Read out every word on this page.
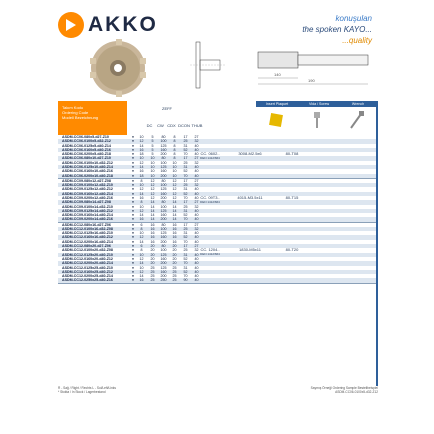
AKKO	konuşulan
the spoken KAYO...
...quality
140
190
Takım Kodu
Ordering Code
Modell Bezeichnung
ZEFF
DC	CW CDX DCON THUB
Insert Plaquet	Vida / Screw	Wrench
ASDM-CC06-080x5-d27-Z10	●	10	5	80	8	17	27
ASDM-CC06-0100x5-d32-Z12	●	12	5	100	8	25	32
ASDM-CC06-0125x5-d40-Z14	●	14	5	125	8	31	40
ASDM-CC06-0160x5-d40-Z16	●	16	5	160	8	52	40
ASDM-CC06-0200x5-d40-Z18	●	18	5	200	8	70	40
ASDM-CC06-080x10-d27-Z10	●	10	10	80	8	17	27
ASDM-CC06-0100x10-d32-Z12	●	12	10	100	10	25	32
ASDM-CC06-0125x10-d40-Z14	●	14	10	125	10	31	40
ASDM-CC06-0160x10-d40-Z16	●	16	10	160	10	52	40
ASDM-CC06-0200x10-d40-Z18	●	18	10	200	10	70	40
ASDM-CC09-080x12-d27-Z08	●	8	12	80	12	17	27
ASDM-CC09-0100x12-d32-Z10	●	10	12	100	12	25	32
ASDM-CC09-0125x12-d40-Z12	●	12	12	125	12	31	40
ASDM-CC09-0160x12-d40-Z14	●	14	12	160	12	52	40
ASDM-CC09-0200x12-d40-Z16	●	16	12	200	12	70	40
ASDM-CC09-080x14-d27-Z08	●	8	14	80	14	17	27
ASDM-CC09-0100x14-d32-Z10	●	10	14	100	14	25	32
ASDM-CC09-0125x14-d40-Z12	●	12	14	125	14	31	40
ASDM-CC09-0160x14-d40-Z14	●	14	14	160	14	52	40
ASDM-CC09-0200x14-d40-Z16	●	16	14	200	14	70	40
ASDM-CC12-080x16-d27-Z06	●	6	16	80	16	17	27
ASDM-CC12-0100x16-d32-Z08	●	8	16	100	16	25	32
ASDM-CC12-0125x16-d40-Z10	●	10	16	125	16	31	40
ASDM-CC12-0160x16-d40-Z12	●	12	16	160	16	52	40
ASDM-CC12-0200x16-d40-Z14	●	14	16	200	16	70	40
ASDM-CC12-080x20-d27-Z06	●	6	20	80	20	17	27
ASDM-CC12-0100x20-d32-Z08	●	8	20	100	20	25	32
ASDM-CC12-0125x20-d40-Z10	●	10	20	125	20	31	40
ASDM-CC12-0160x20-d40-Z12	●	12	20	160	20	52	40
ASDM-CC12-0200x20-d40-Z14	●	14	20	200	20	70	40
ASDM-CC12-0125x25-d40-Z10	●	10	25	125	25	31	40
ASDM-CC12-0160x25-d40-Z12	●	12	25	160	25	52	40
ASDM-CC12-0200x25-d40-Z14	●	14	25	200	25	70	40
ASDM-CC12-0250x25-d40-Z16	●	16	25	250	25	90	40
R - Sağ / Right / Rechts L - Sol/Left/Links	Saymış Örneği Ordering Sample Bestellbeispiel
* Stokta / In Stock / Lagerbestand	ASDM-CC06-0100x5-d32-Z12
CC. 0602..	3008-M2.5x6	80-T08
DEN 1412/664
CC. 09T3..	4015-M3.5x11	80-T15
DEN 1412/664
CC. 1204..	1830-M5x11	80-T20
DEN 1412/664
